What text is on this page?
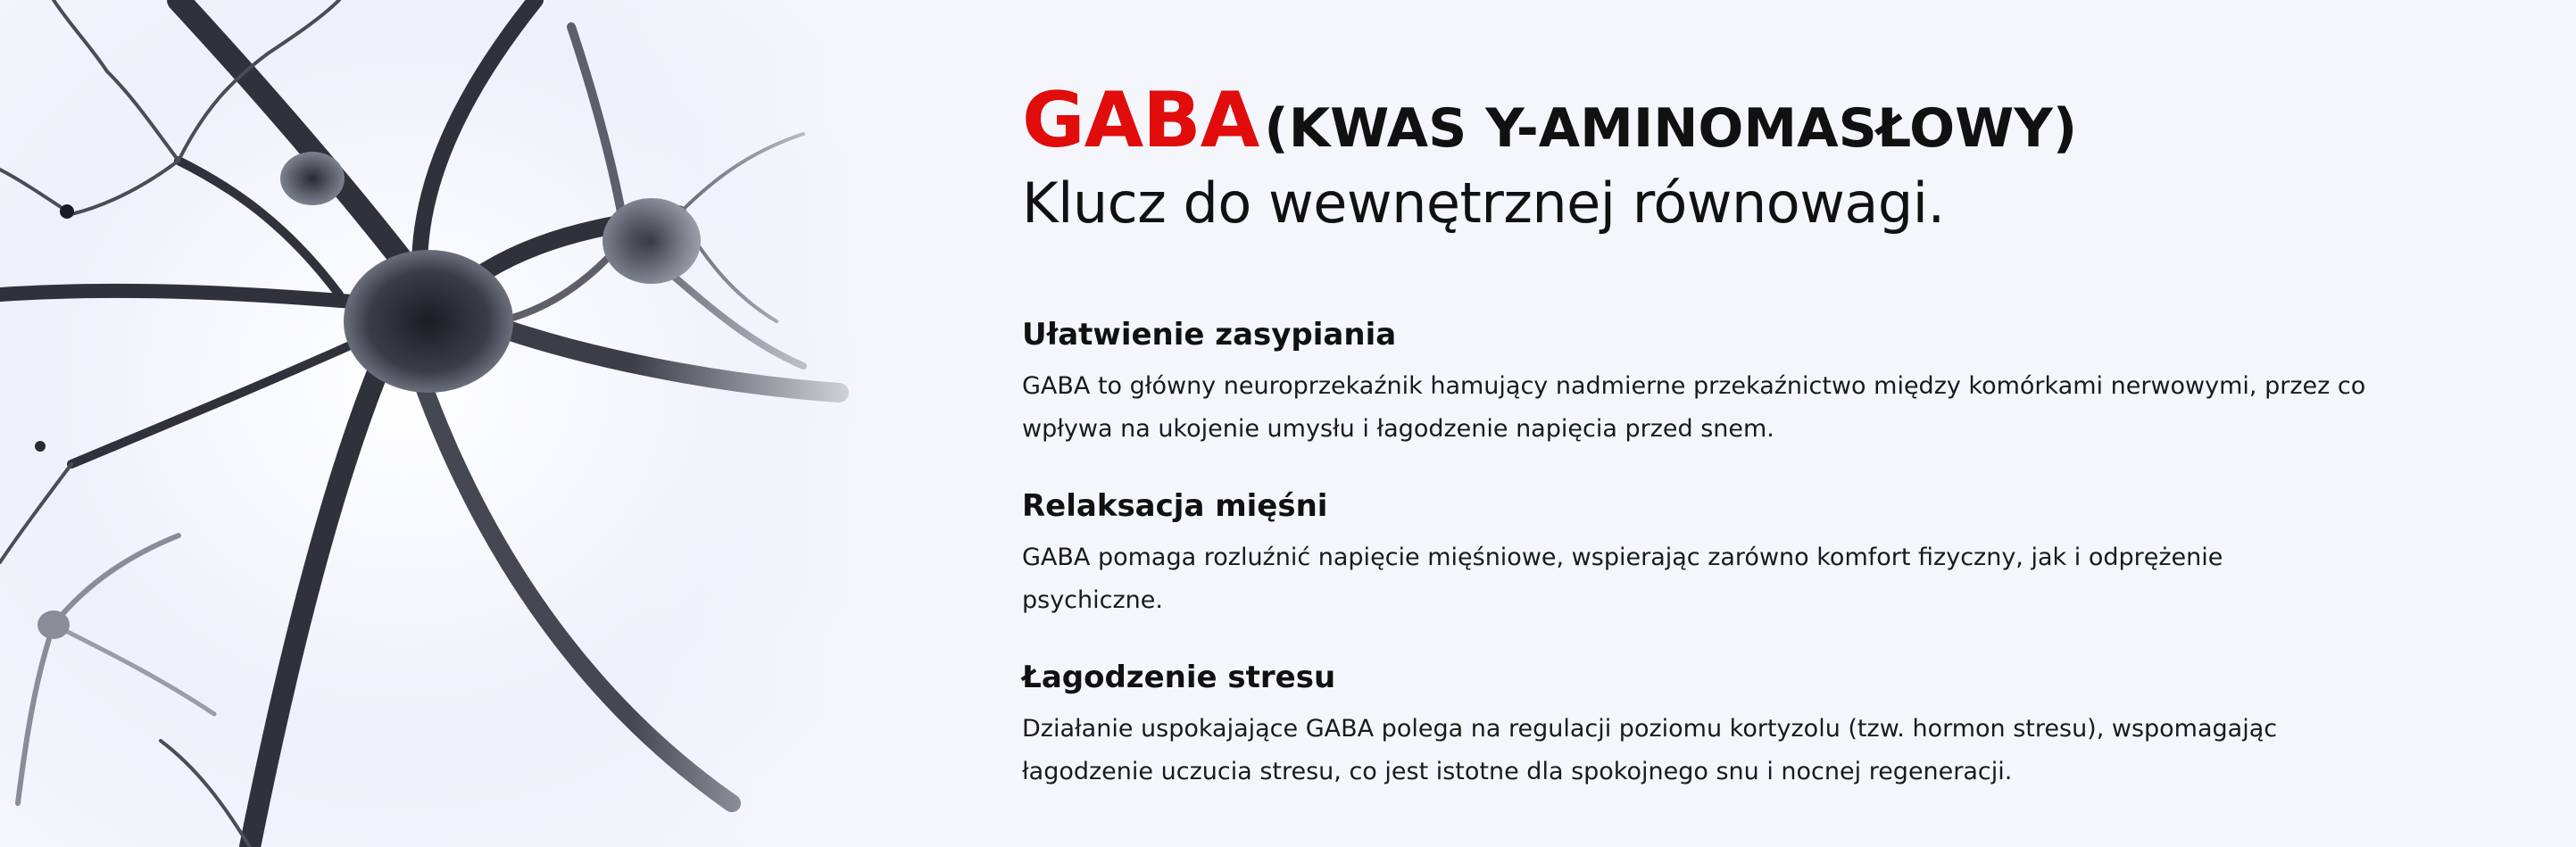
GABA (KWAS Y-AMINOMASŁOWY)
Klucz do wewnętrznej równowagi.
Ułatwienie zasypiania

GABA to główny neuroprzekaźnik hamujący nadmierne przekaźnictwo między komórkami nerwowymi, przez co wpływa na ukojenie umysłu i łagodzenie napięcia przed snem.

Relaksacja mięśni

GABA pomaga rozluźnić napięcie mięśniowe, wspierając zarówno komfort fizyczny, jak i odprężenie psychiczne.

Łagodzenie stresu

Działanie uspokajające GABA polega na regulacji poziomu kortyzolu (tzw. hormon stresu), wspomagając łagodzenie uczucia stresu, co jest istotne dla spokojnego snu i nocnej regeneracji.
